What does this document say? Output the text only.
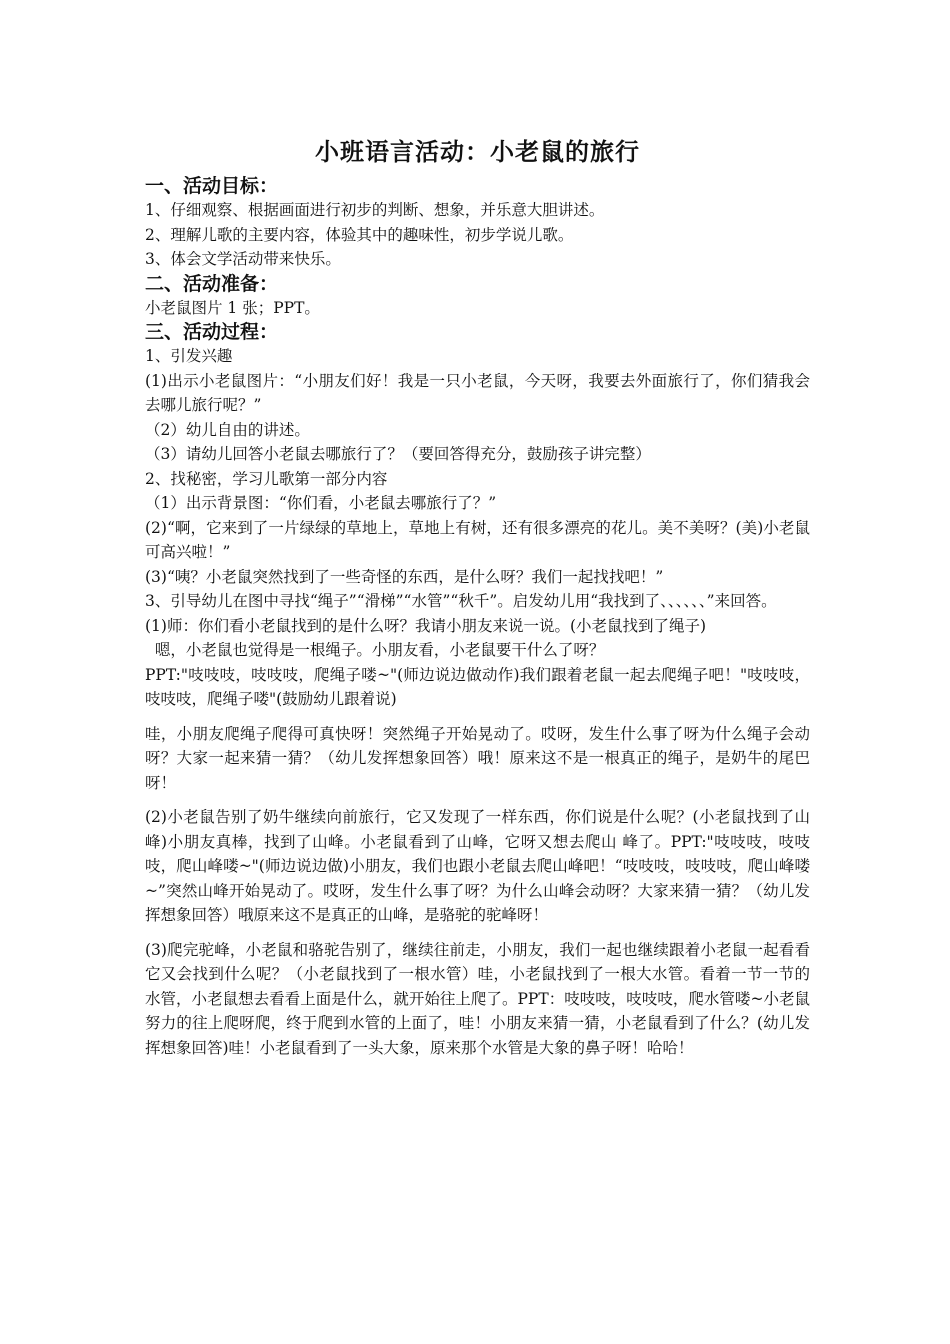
小班语言活动：小老鼠的旅行
一、活动目标：

1、仔细观察、根据画面进行初步的判断、想象，并乐意大胆讲述。

2、理解儿歌的主要内容，体验其中的趣味性，初步学说儿歌。

3、体会文学活动带来快乐。

二、活动准备：

小老鼠图片 1 张；PPT。

三、活动过程：

1、引发兴趣

(1)出示小老鼠图片：“小朋友们好！我是一只小老鼠，今天呀，我要去外面旅行了，你们猜我会去哪儿旅行呢？”

（2）幼儿自由的讲述。

（3）请幼儿回答小老鼠去哪旅行了？（要回答得充分，鼓励孩子讲完整）

2、找秘密，学习儿歌第一部分内容

（1）出示背景图：“你们看，小老鼠去哪旅行了？”

(2)“啊，它来到了一片绿绿的草地上，草地上有树，还有很多漂亮的花儿。美不美呀？(美)小老鼠可高兴啦！”

(3)“咦？小老鼠突然找到了一些奇怪的东西，是什么呀？我们一起找找吧！”

3、引导幼儿在图中寻找“绳子”“滑梯”“水管”“秋千”。启发幼儿用“我找到了、、、、、、”来回答。

(1)师：你们看小老鼠找到的是什么呀？我请小朋友来说一说。(小老鼠找到了绳子)

嗯，小老鼠也觉得是一根绳子。小朋友看，小老鼠要干什么了呀？

PPT:"吱吱吱，吱吱吱，爬绳子喽~"(师边说边做动作)我们跟着老鼠一起去爬绳子吧！"吱吱吱，吱吱吱，爬绳子喽"(鼓励幼儿跟着说)

哇，小朋友爬绳子爬得可真快呀！突然绳子开始晃动了。哎呀，发生什么事了呀为什么绳子会动呀？大家一起来猜一猜？（幼儿发挥想象回答）哦！原来这不是一根真正的绳子，是奶牛的尾巴呀！

(2)小老鼠告别了奶牛继续向前旅行，它又发现了一样东西，你们说是什么呢？(小老鼠找到了山峰)小朋友真棒，找到了山峰。小老鼠看到了山峰，它呀又想去爬山 峰了。PPT:"吱吱吱，吱吱吱，爬山峰喽~"(师边说边做)小朋友，我们也跟小老鼠去爬山峰吧！“吱吱吱，吱吱吱，爬山峰喽~”突然山峰开始晃动了。哎呀，发生什么事了呀？为什么山峰会动呀？大家来猜一猜？（幼儿发挥想象回答）哦原来这不是真正的山峰，是骆驼的驼峰呀！

(3)爬完驼峰，小老鼠和骆驼告别了，继续往前走，小朋友，我们一起也继续跟着小老鼠一起看看它又会找到什么呢？（小老鼠找到了一根水管）哇，小老鼠找到了一根大水管。看着一节一节的水管，小老鼠想去看看上面是什么，就开始往上爬了。PPT：吱吱吱，吱吱吱，爬水管喽~小老鼠努力的往上爬呀爬，终于爬到水管的上面了，哇！小朋友来猜一猜，小老鼠看到了什么？(幼儿发挥想象回答)哇！小老鼠看到了一头大象，原来那个水管是大象的鼻子呀！哈哈！
